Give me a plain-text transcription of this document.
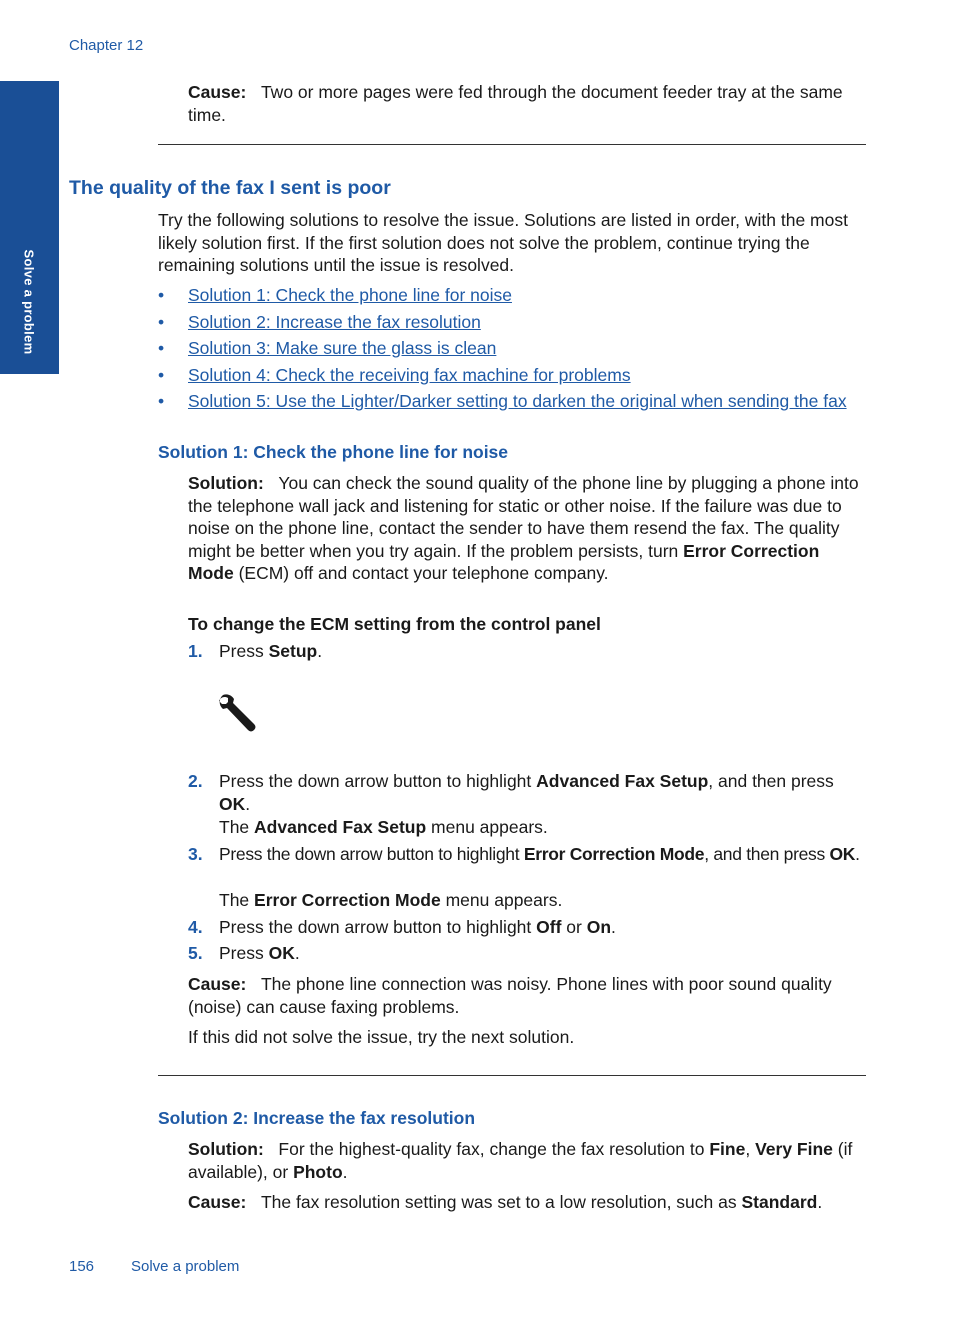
Chapter 12
Solve a problem
Cause: Two or more pages were fed through the document feeder tray at the same time.
The quality of the fax I sent is poor
Try the following solutions to resolve the issue. Solutions are listed in order, with the most likely solution first. If the first solution does not solve the problem, continue trying the remaining solutions until the issue is resolved.
• Solution 1: Check the phone line for noise
• Solution 2: Increase the fax resolution
• Solution 3: Make sure the glass is clean
• Solution 4: Check the receiving fax machine for problems
• Solution 5: Use the Lighter/Darker setting to darken the original when sending the fax
Solution 1: Check the phone line for noise
Solution: You can check the sound quality of the phone line by plugging a phone into the telephone wall jack and listening for static or other noise. If the failure was due to noise on the phone line, contact the sender to have them resend the fax. The quality might be better when you try again. If the problem persists, turn Error Correction Mode (ECM) off and contact your telephone company.
To change the ECM setting from the control panel
1. Press Setup.
2. Press the down arrow button to highlight Advanced Fax Setup, and then press OK.
The Advanced Fax Setup menu appears.
3. Press the down arrow button to highlight Error Correction Mode, and then press OK.
The Error Correction Mode menu appears.
4. Press the down arrow button to highlight Off or On.
5. Press OK.
Cause: The phone line connection was noisy. Phone lines with poor sound quality (noise) can cause faxing problems.
If this did not solve the issue, try the next solution.
Solution 2: Increase the fax resolution
Solution: For the highest-quality fax, change the fax resolution to Fine, Very Fine (if available), or Photo.
Cause: The fax resolution setting was set to a low resolution, such as Standard.
156 Solve a problem
